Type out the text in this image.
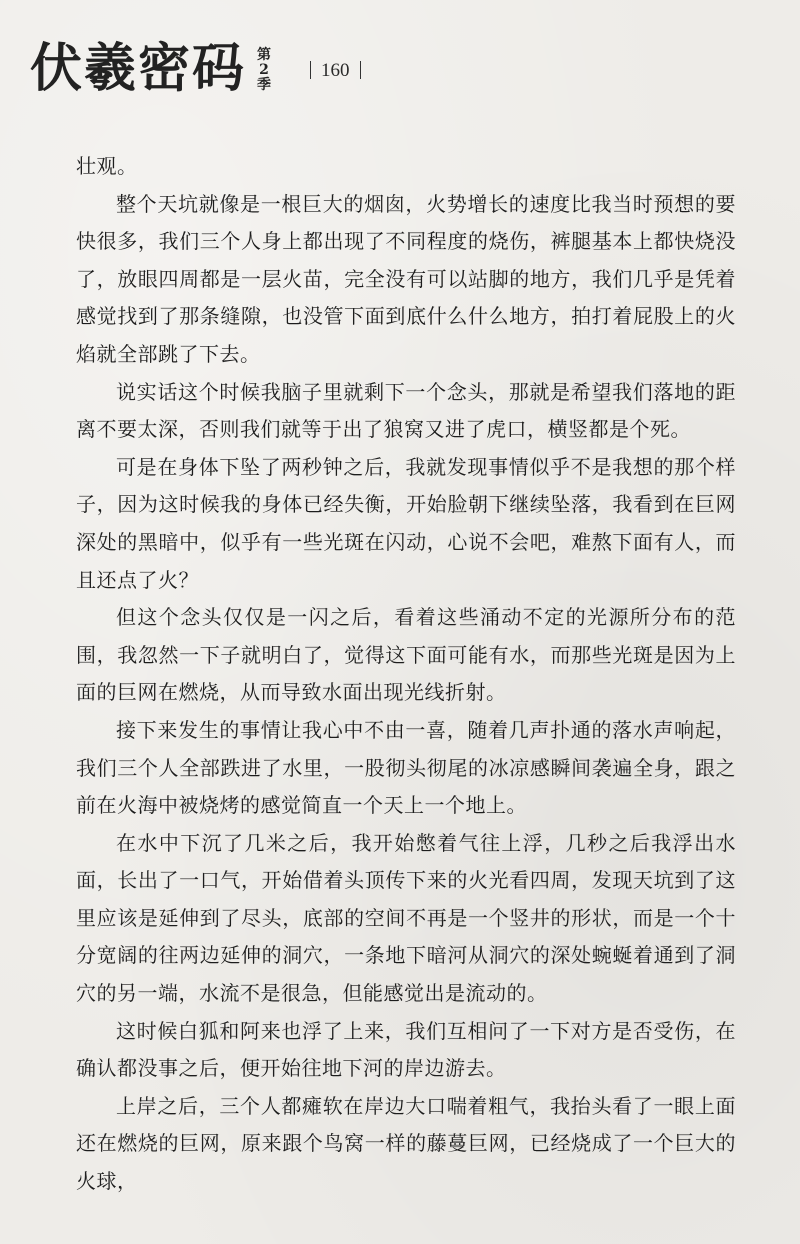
伏羲密码 第2季
160

壮观。

整个天坑就像是一根巨大的烟囱，火势增长的速度比我当时预想的要快很多，我们三个人身上都出现了不同程度的烧伤，裤腿基本上都快烧没了，放眼四周都是一层火苗，完全没有可以站脚的地方，我们几乎是凭着感觉找到了那条缝隙，也没管下面到底什么什么地方，拍打着屁股上的火焰就全部跳了下去。

说实话这个时候我脑子里就剩下一个念头，那就是希望我们落地的距离不要太深，否则我们就等于出了狼窝又进了虎口，横竖都是个死。

可是在身体下坠了两秒钟之后，我就发现事情似乎不是我想的那个样子，因为这时候我的身体已经失衡，开始脸朝下继续坠落，我看到在巨网深处的黑暗中，似乎有一些光斑在闪动，心说不会吧，难熬下面有人，而且还点了火？

但这个念头仅仅是一闪之后，看着这些涌动不定的光源所分布的范围，我忽然一下子就明白了，觉得这下面可能有水，而那些光斑是因为上面的巨网在燃烧，从而导致水面出现光线折射。

接下来发生的事情让我心中不由一喜，随着几声扑通的落水声响起，我们三个人全部跌进了水里，一股彻头彻尾的冰凉感瞬间袭遍全身，跟之前在火海中被烧烤的感觉简直一个天上一个地上。

在水中下沉了几米之后，我开始憋着气往上浮，几秒之后我浮出水面，长出了一口气，开始借着头顶传下来的火光看四周，发现天坑到了这里应该是延伸到了尽头，底部的空间不再是一个竖井的形状，而是一个十分宽阔的往两边延伸的洞穴，一条地下暗河从洞穴的深处蜿蜒着通到了洞穴的另一端，水流不是很急，但能感觉出是流动的。

这时候白狐和阿来也浮了上来，我们互相问了一下对方是否受伤，在确认都没事之后，便开始往地下河的岸边游去。

上岸之后，三个人都瘫软在岸边大口喘着粗气，我抬头看了一眼上面还在燃烧的巨网，原来跟个鸟窝一样的藤蔓巨网，已经烧成了一个巨大的火球，
